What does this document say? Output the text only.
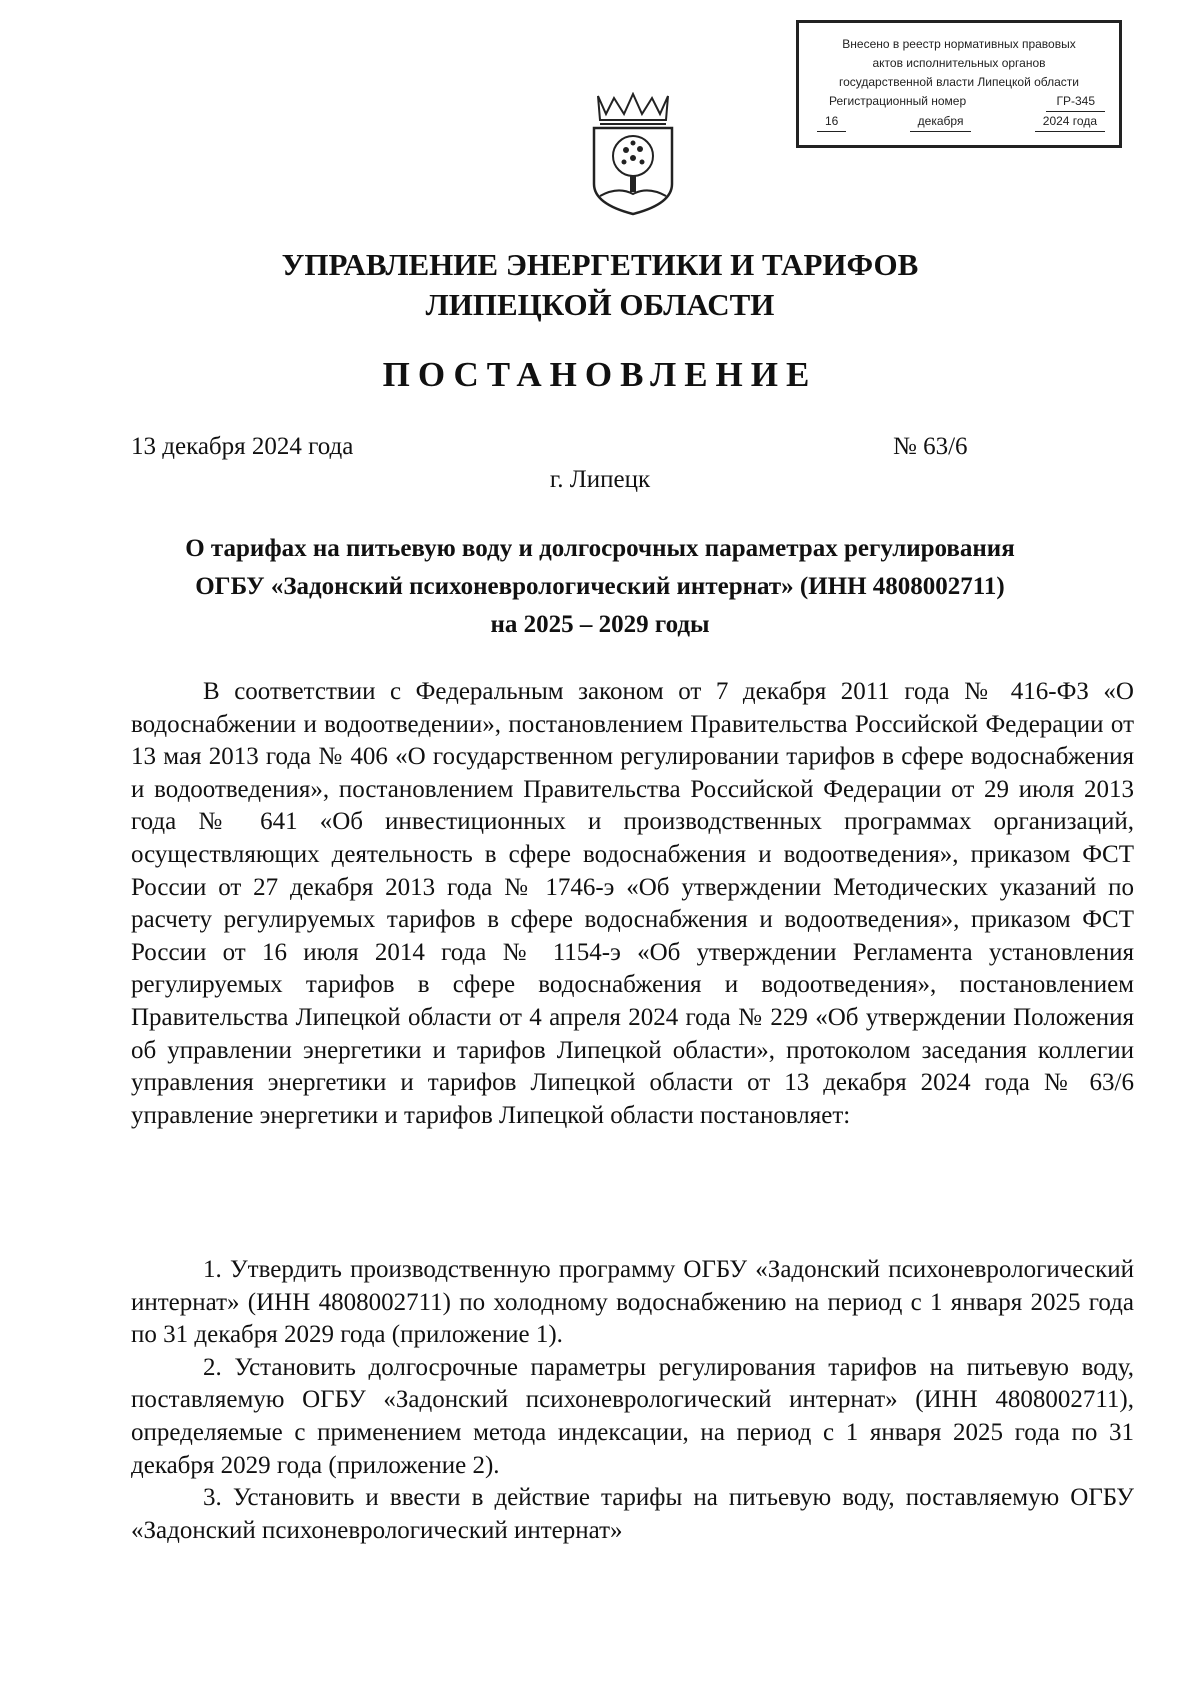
Внесено в реестр нормативных правовых
актов исполнительных органов
государственной власти Липецкой области
Регистрационный номер	ГР-345
16	декабря	2024 года
УПРАВЛЕНИЕ ЭНЕРГЕТИКИ И ТАРИФОВ
ЛИПЕЦКОЙ ОБЛАСТИ
ПОСТАНОВЛЕНИЕ
13 декабря 2024 года	№ 63/6
г. Липецк
О тарифах на питьевую воду и долгосрочных параметрах регулирования
ОГБУ «Задонский психоневрологический интернат» (ИНН 4808002711)
на 2025 – 2029 годы

В соответствии с Федеральным законом от 7 декабря 2011 года № 416-ФЗ «О водоснабжении и водоотведении», постановлением Правительства Российской Федерации от 13 мая 2013 года № 406 «О государственном регулировании тарифов в сфере водоснабжения и водоотведения», постановлением Правительства Российской Федерации от 29 июля 2013 года № 641 «Об инвестиционных и производственных программах организаций, осуществляющих деятельность в сфере водоснабжения и водоотведения», приказом ФСТ России от 27 декабря 2013 года № 1746-э «Об утверждении Методических указаний по расчету регулируемых тарифов в сфере водоснабжения и водоотведения», приказом ФСТ России от 16 июля 2014 года № 1154-э «Об утверждении Регламента установления регулируемых тарифов в сфере водоснабжения и водоотведения», постановлением Правительства Липецкой области от 4 апреля 2024 года № 229 «Об утверждении Положения об управлении энергетики и тарифов Липецкой области», протоколом заседания коллегии управления энергетики и тарифов Липецкой области от 13 декабря 2024 года № 63/6 управление энергетики и тарифов Липецкой области постановляет:

1. Утвердить производственную программу ОГБУ «Задонский психоневрологический интернат» (ИНН 4808002711) по холодному водоснабжению на период с 1 января 2025 года по 31 декабря 2029 года (приложение 1).

2. Установить долгосрочные параметры регулирования тарифов на питьевую воду, поставляемую ОГБУ «Задонский психоневрологический интернат» (ИНН 4808002711), определяемые с применением метода индексации, на период с 1 января 2025 года по 31 декабря 2029 года (приложение 2).

3. Установить и ввести в действие тарифы на питьевую воду, поставляемую ОГБУ «Задонский психоневрологический интернат»
